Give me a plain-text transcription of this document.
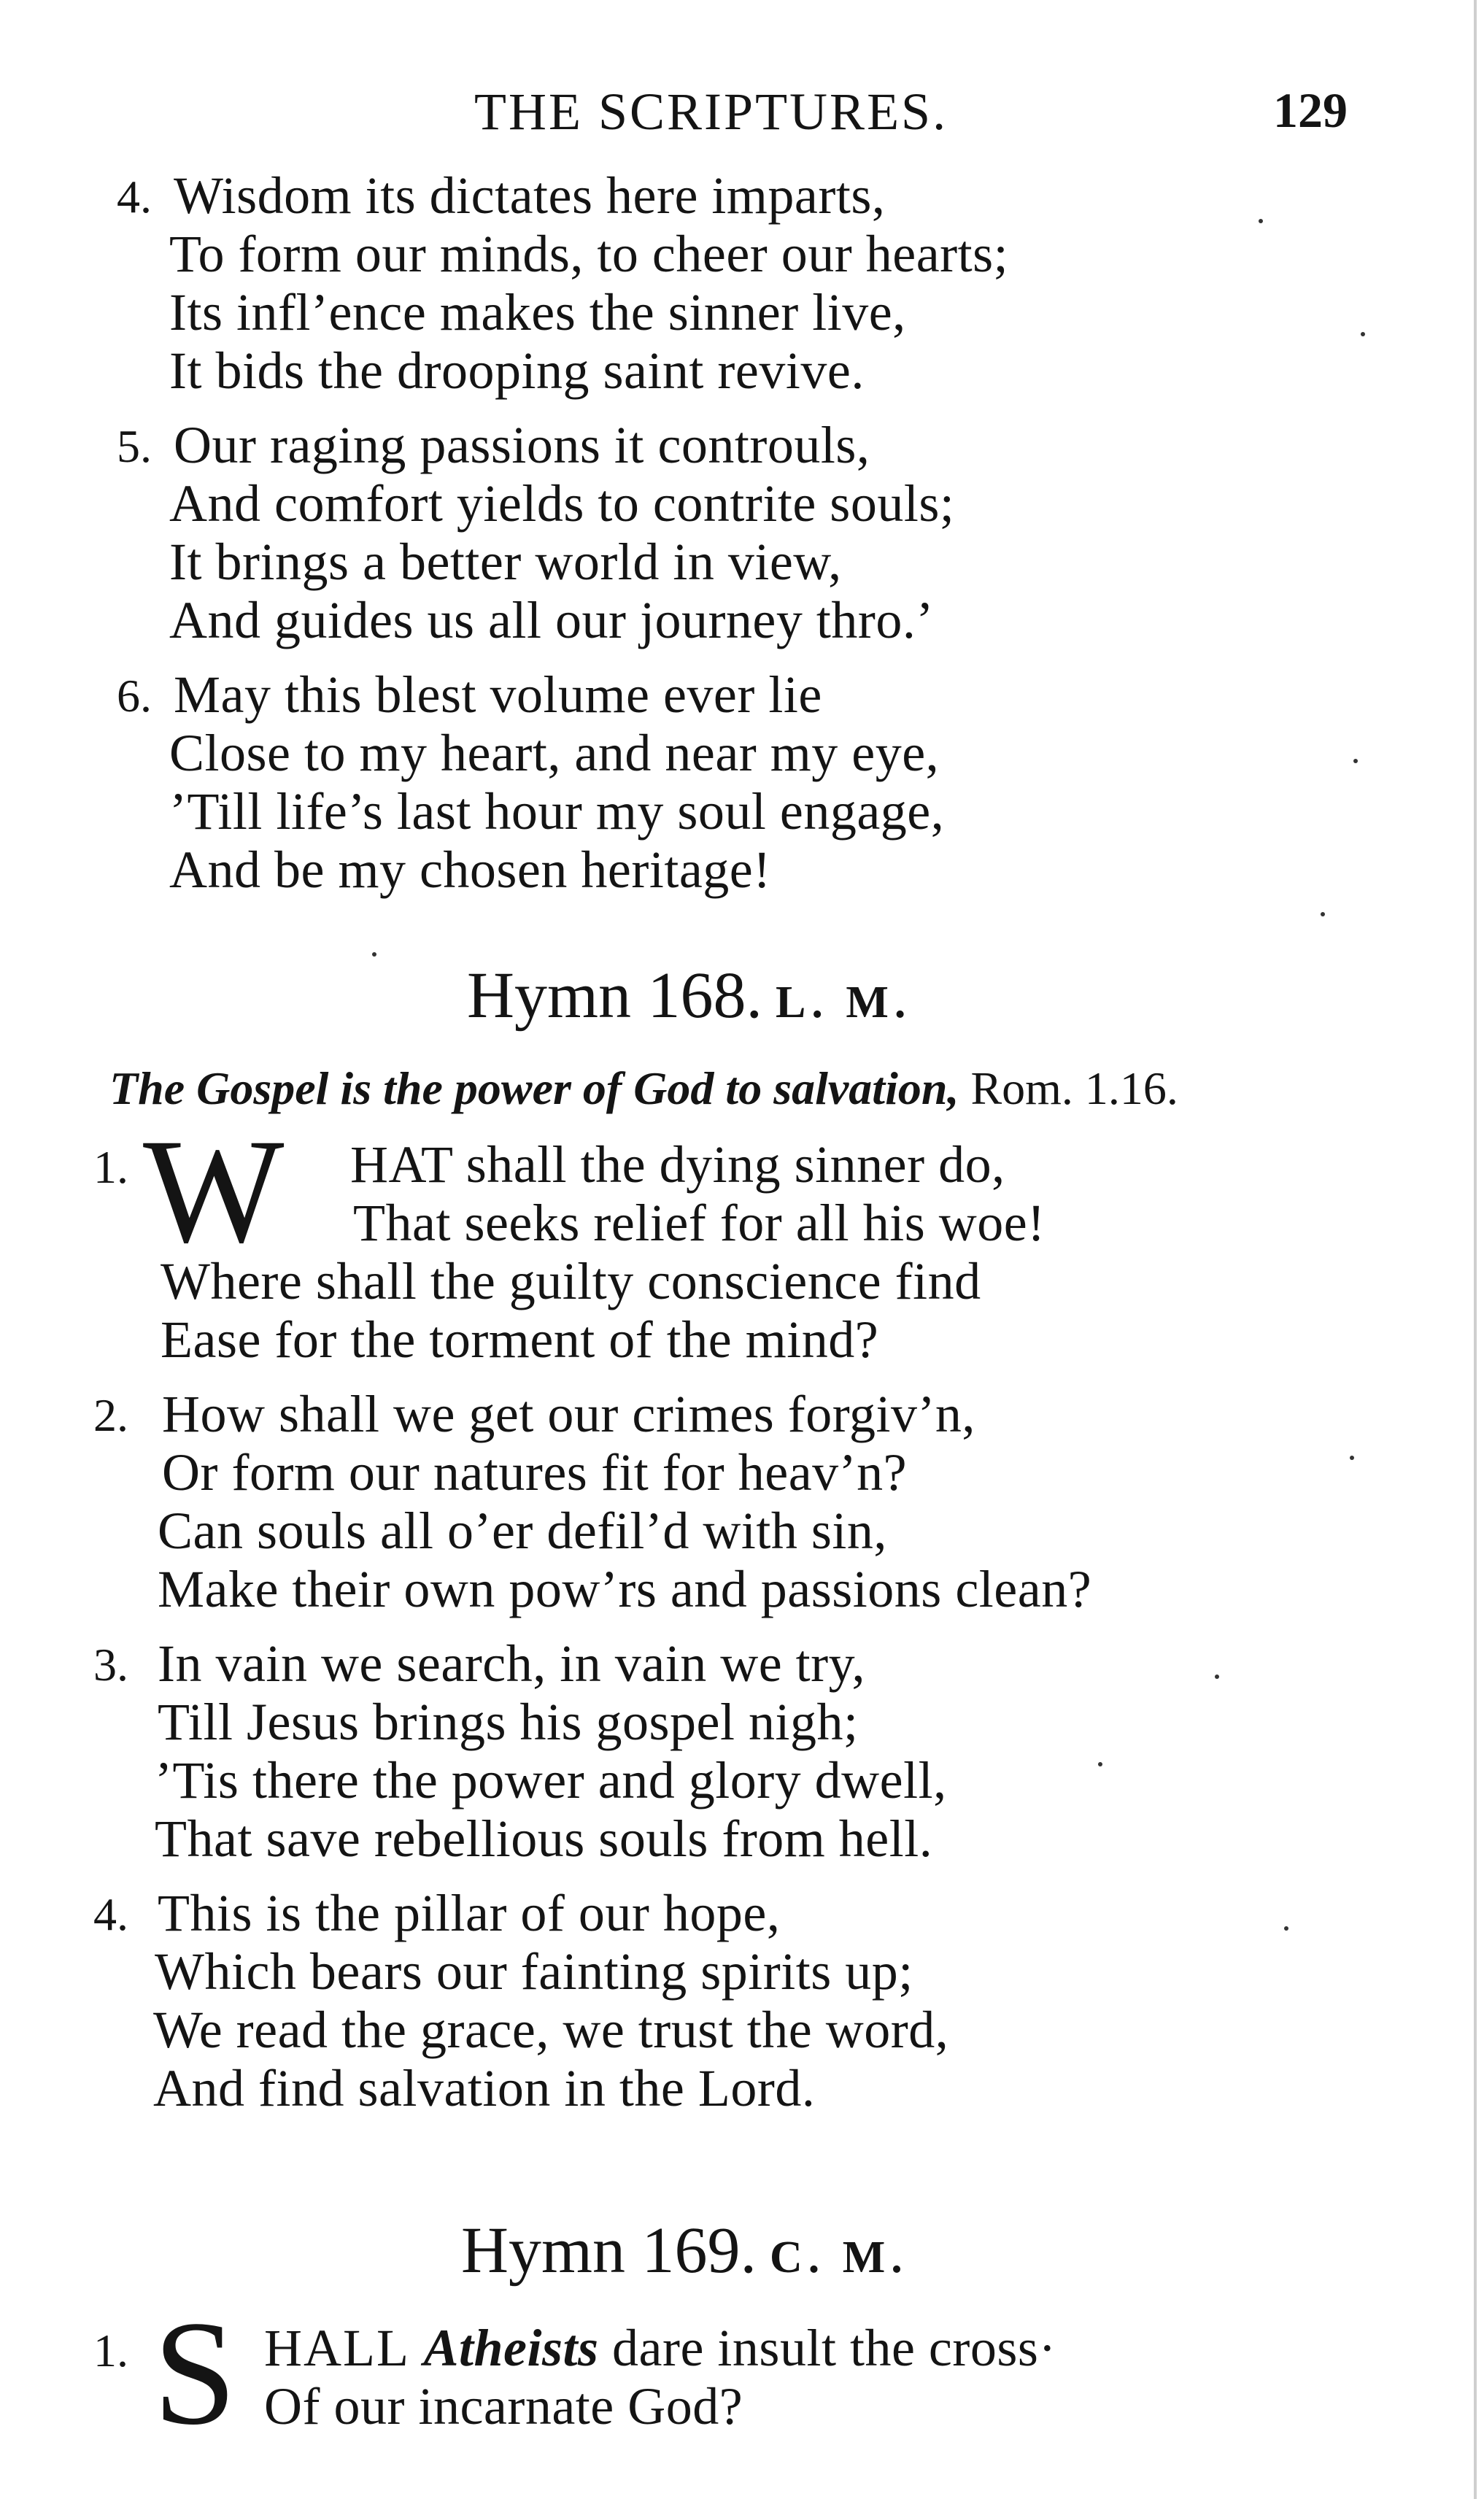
THE SCRIPTURES.	129
4. Wisdom its dictates here imparts,
To form our minds, to cheer our hearts;
Its infl’ence makes the sinner live,
It bids the drooping saint revive.
5. Our raging passions it controuls,
And comfort yields to contrite souls;
It brings a better world in view,
And guides us all our journey thro.’
6. May this blest volume ever lie
Close to my heart, and near my eye,
’Till life’s last hour my soul engage,
And be my chosen heritage!
Hymn 168. L. M.
The Gospel is the power of God to salvation, Rom. 1.16.
1. W HAT shall the dying sinner do,
That seeks relief for all his woe!
Where shall the guilty conscience find
Ease for the torment of the mind?
2. How shall we get our crimes forgiv’n,
Or form our natures fit for heav’n?
Can souls all o’er defil’d with sin,
Make their own pow’rs and passions clean?
3. In vain we search, in vain we try,
Till Jesus brings his gospel nigh;
’Tis there the power and glory dwell,
That save rebellious souls from hell.
4. This is the pillar of our hope,
Which bears our fainting spirits up;
We read the grace, we trust the word,
And find salvation in the Lord.
Hymn 169. C. M.
1. S HALL Atheists dare insult the cross·
Of our incarnate God?
